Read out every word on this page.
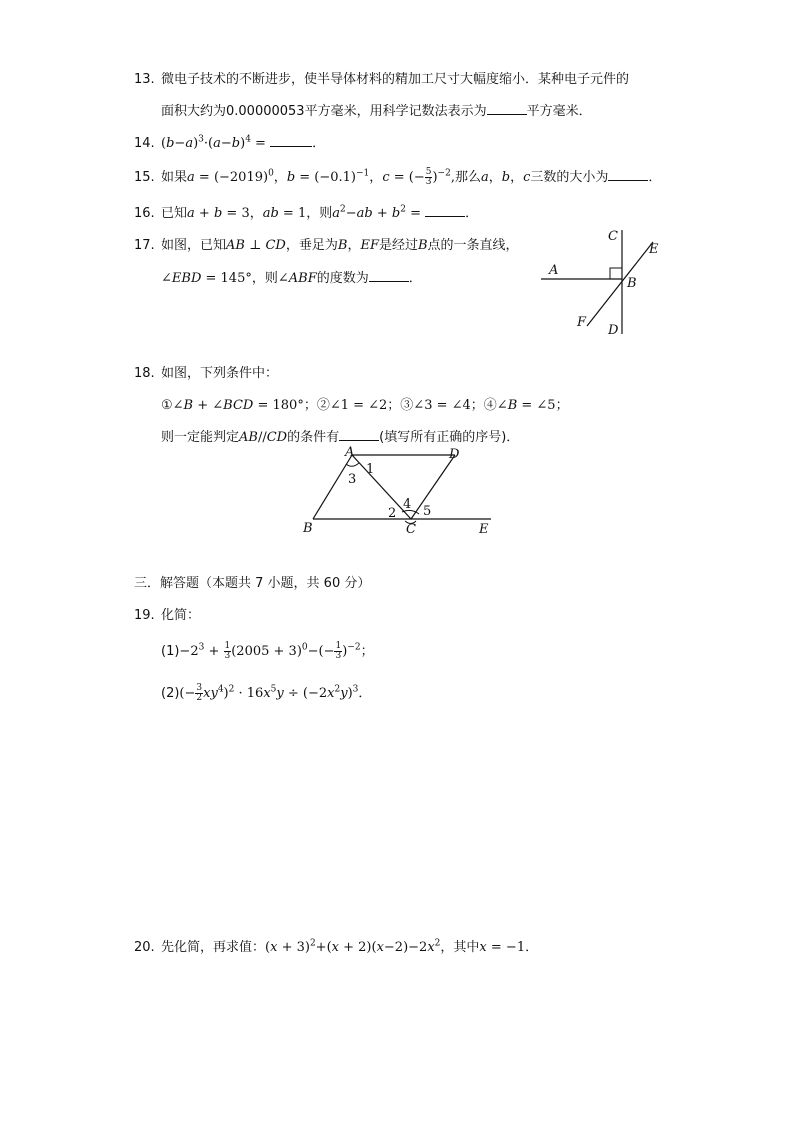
13. 微电子技术的不断进步，使半导体材料的精加工尺寸大幅度缩小．某种电子元件的
面积大约为0.00000053平方毫米，用科学记数法表示为	平方毫米．
14. $(b-a)^3\cdot(a-b)^4$ =	．
15. 如果$a = (-2019)^0$，$b = (-0.1)^{-1}$，c = (− $\frac{5}{3} )^{-2}$,那么a，b，c三数的大小为	．
16. 已知a + b = 3，ab = 1，则$a^2-ab + b^2$ =	．
17. 如图，已知AB ⊥ CD，垂足为B，EF是经过B点的一条直线，
∠EBD = 145°，则∠ABF的度数为	．
C
E
A
B
F
D
18. 如图，下列条件中：
①∠B + ∠BCD = 180°；②∠1 = ∠2；③∠3 = ∠4；④∠B = ∠5；
则一定能判定AB//CD的条件有	(填写所有正确的序号)．
A	D
B	C	E
1
2
3
4 5
三．解答题（本题共 7 小题，共 60 分）
19. 化简：
$(1)-2^3 + \frac{1}{3} (2005 + 3)^0-(- \frac{1}{3} )^{-2}$；
$(2)(- \frac{3}{2} xy^4)^2 \cdot 16x^5y \div (-2x^2y)^3$．
20. 先化简，再求值：$(x + 3)^2+(x + 2)(x-2)-2x^2$，其中x = −1．
